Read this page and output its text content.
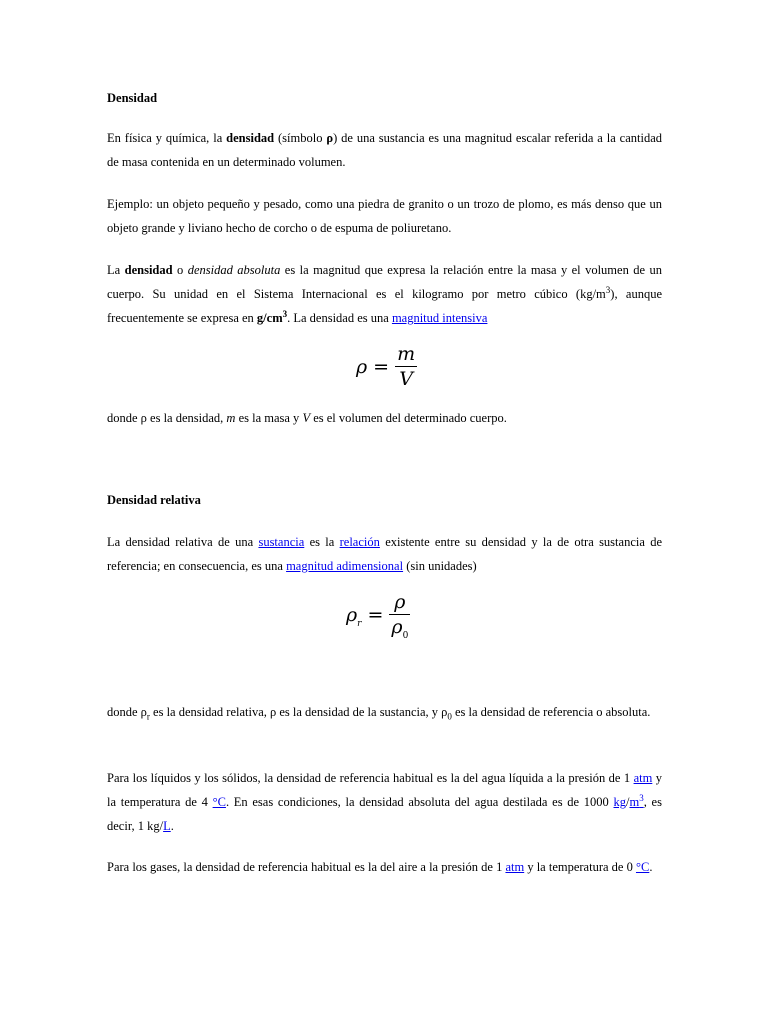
Densidad

En física y química, la densidad (símbolo ρ) de una sustancia es una magnitud escalar referida a la cantidad de masa contenida en un determinado volumen.

Ejemplo: un objeto pequeño y pesado, como una piedra de granito o un trozo de plomo, es más denso que un objeto grande y liviano hecho de corcho o de espuma de poliuretano.

La densidad o densidad absoluta es la magnitud que expresa la relación entre la masa y el volumen de un cuerpo. Su unidad en el Sistema Internacional es el kilogramo por metro cúbico $(kg/m^3)$, aunque frecuentemente se expresa en $g/cm^3$. La densidad es una magnitud intensiva

$\rho = \frac{m}{V}$

donde ρ es la densidad, m es la masa y V es el volumen del determinado cuerpo.

Densidad relativa

La densidad relativa de una sustancia es la relación existente entre su densidad y la de otra sustancia de referencia; en consecuencia, es una magnitud adimensional (sin unidades)

$\rho_r = \frac{\rho}{\rho_0}$

donde $\rho_r$ es la densidad relativa, ρ es la densidad de la sustancia, y $\rho_0$ es la densidad de referencia o absoluta.

Para los líquidos y los sólidos, la densidad de referencia habitual es la del agua líquida a la presión de 1 atm y la temperatura de 4 °C. En esas condiciones, la densidad absoluta del agua destilada es de 1000 kg/m$^3$, es decir, 1 kg/L.

Para los gases, la densidad de referencia habitual es la del aire a la presión de 1 atm y la temperatura de 0 °C.
